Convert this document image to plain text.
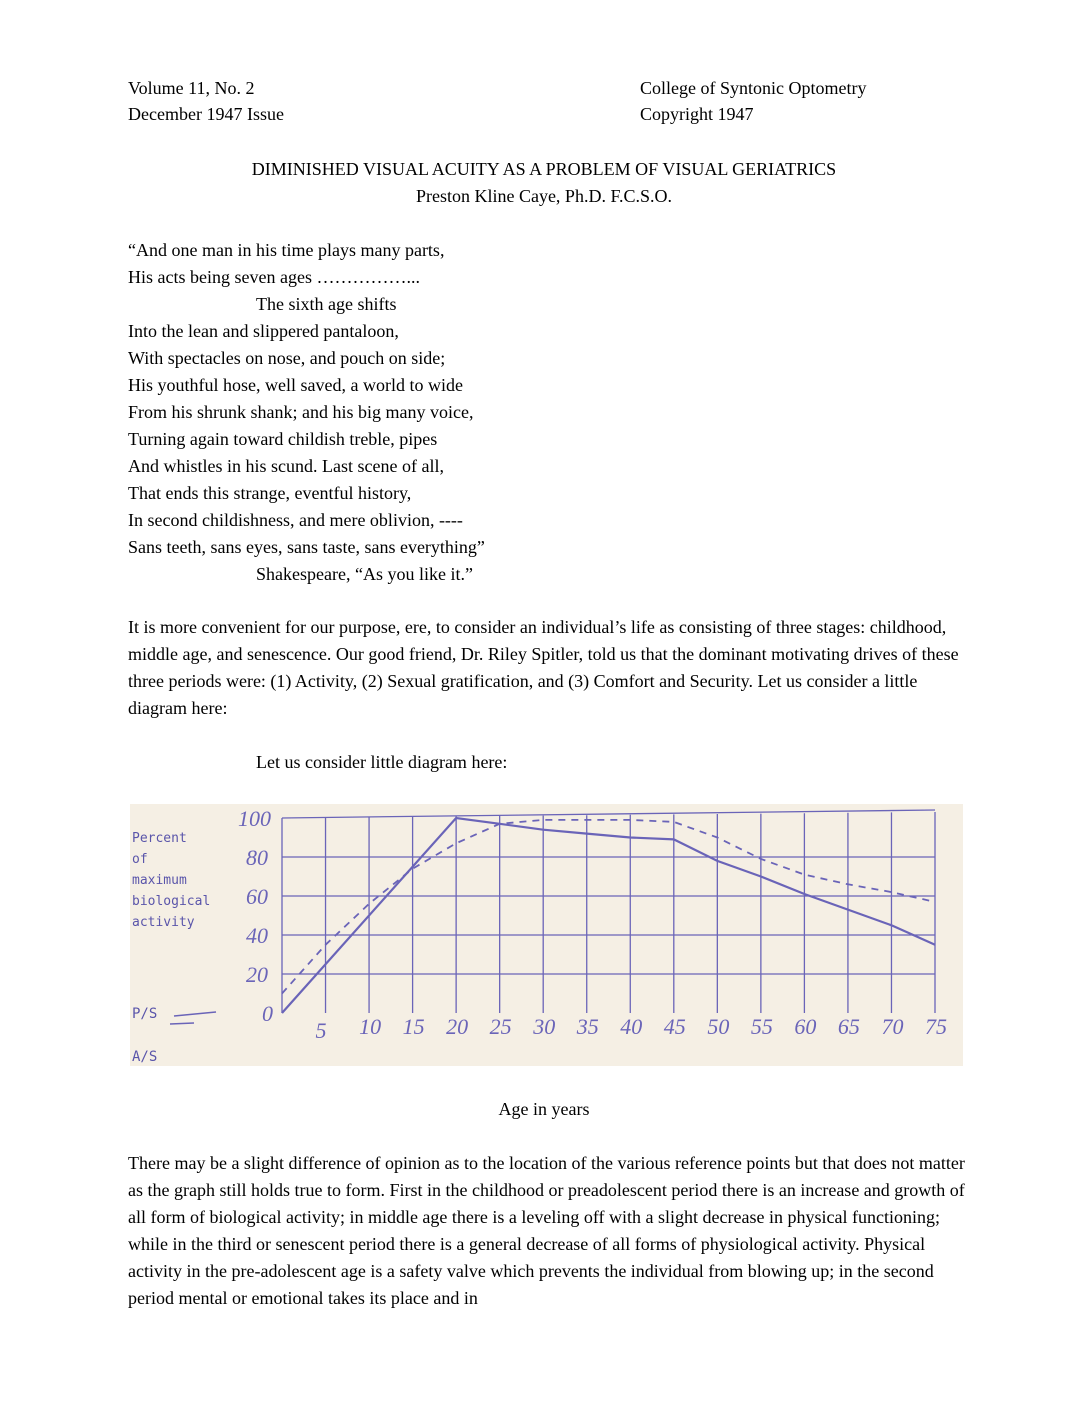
Volume 11, No. 2
December 1947 Issue
College of Syntonic Optometry
Copyright 1947
DIMINISHED VISUAL ACUITY AS A PROBLEM OF VISUAL GERIATRICS
Preston Kline Caye, Ph.D. F.C.S.O.
“And one man in his time plays many parts,
His acts being seven ages ……………...
The sixth age shifts
Into the lean and slippered pantaloon,
With spectacles on nose, and pouch on side;
His youthful hose, well saved, a world to wide
From his shrunk shank; and his big many voice,
Turning again toward childish treble, pipes
And whistles in his scund. Last scene of all,
That ends this strange, eventful history,
In second childishness, and mere oblivion, ----
Sans teeth, sans eyes, sans taste, sans everything”
Shakespeare, “As you like it.”

It is more convenient for our purpose, ere, to consider an individual’s life as consisting of three stages: childhood, middle age, and senescence. Our good friend, Dr. Riley Spitler, told us that the dominant motivating drives of these three periods were: (1) Activity, (2) Sexual gratification, and (3) Comfort and Security. Let us consider a little diagram here:

Let us consider little diagram here:
5 10 15 20 25 30 35 40 45 50 55 60 65 70 75
0
20
40
60
80
100
Percent
of
maximum
biological
activity
P/S
A/S
Age in years

There may be a slight difference of opinion as to the location of the various reference points but that does not matter as the graph still holds true to form. First in the childhood or preadolescent period there is an increase and growth of all form of biological activity; in middle age there is a leveling off with a slight decrease in physical functioning; while in the third or senescent period there is a general decrease of all forms of physiological activity. Physical activity in the pre-adolescent age is a safety valve which prevents the individual from blowing up; in the second period mental or emotional takes its place and in
